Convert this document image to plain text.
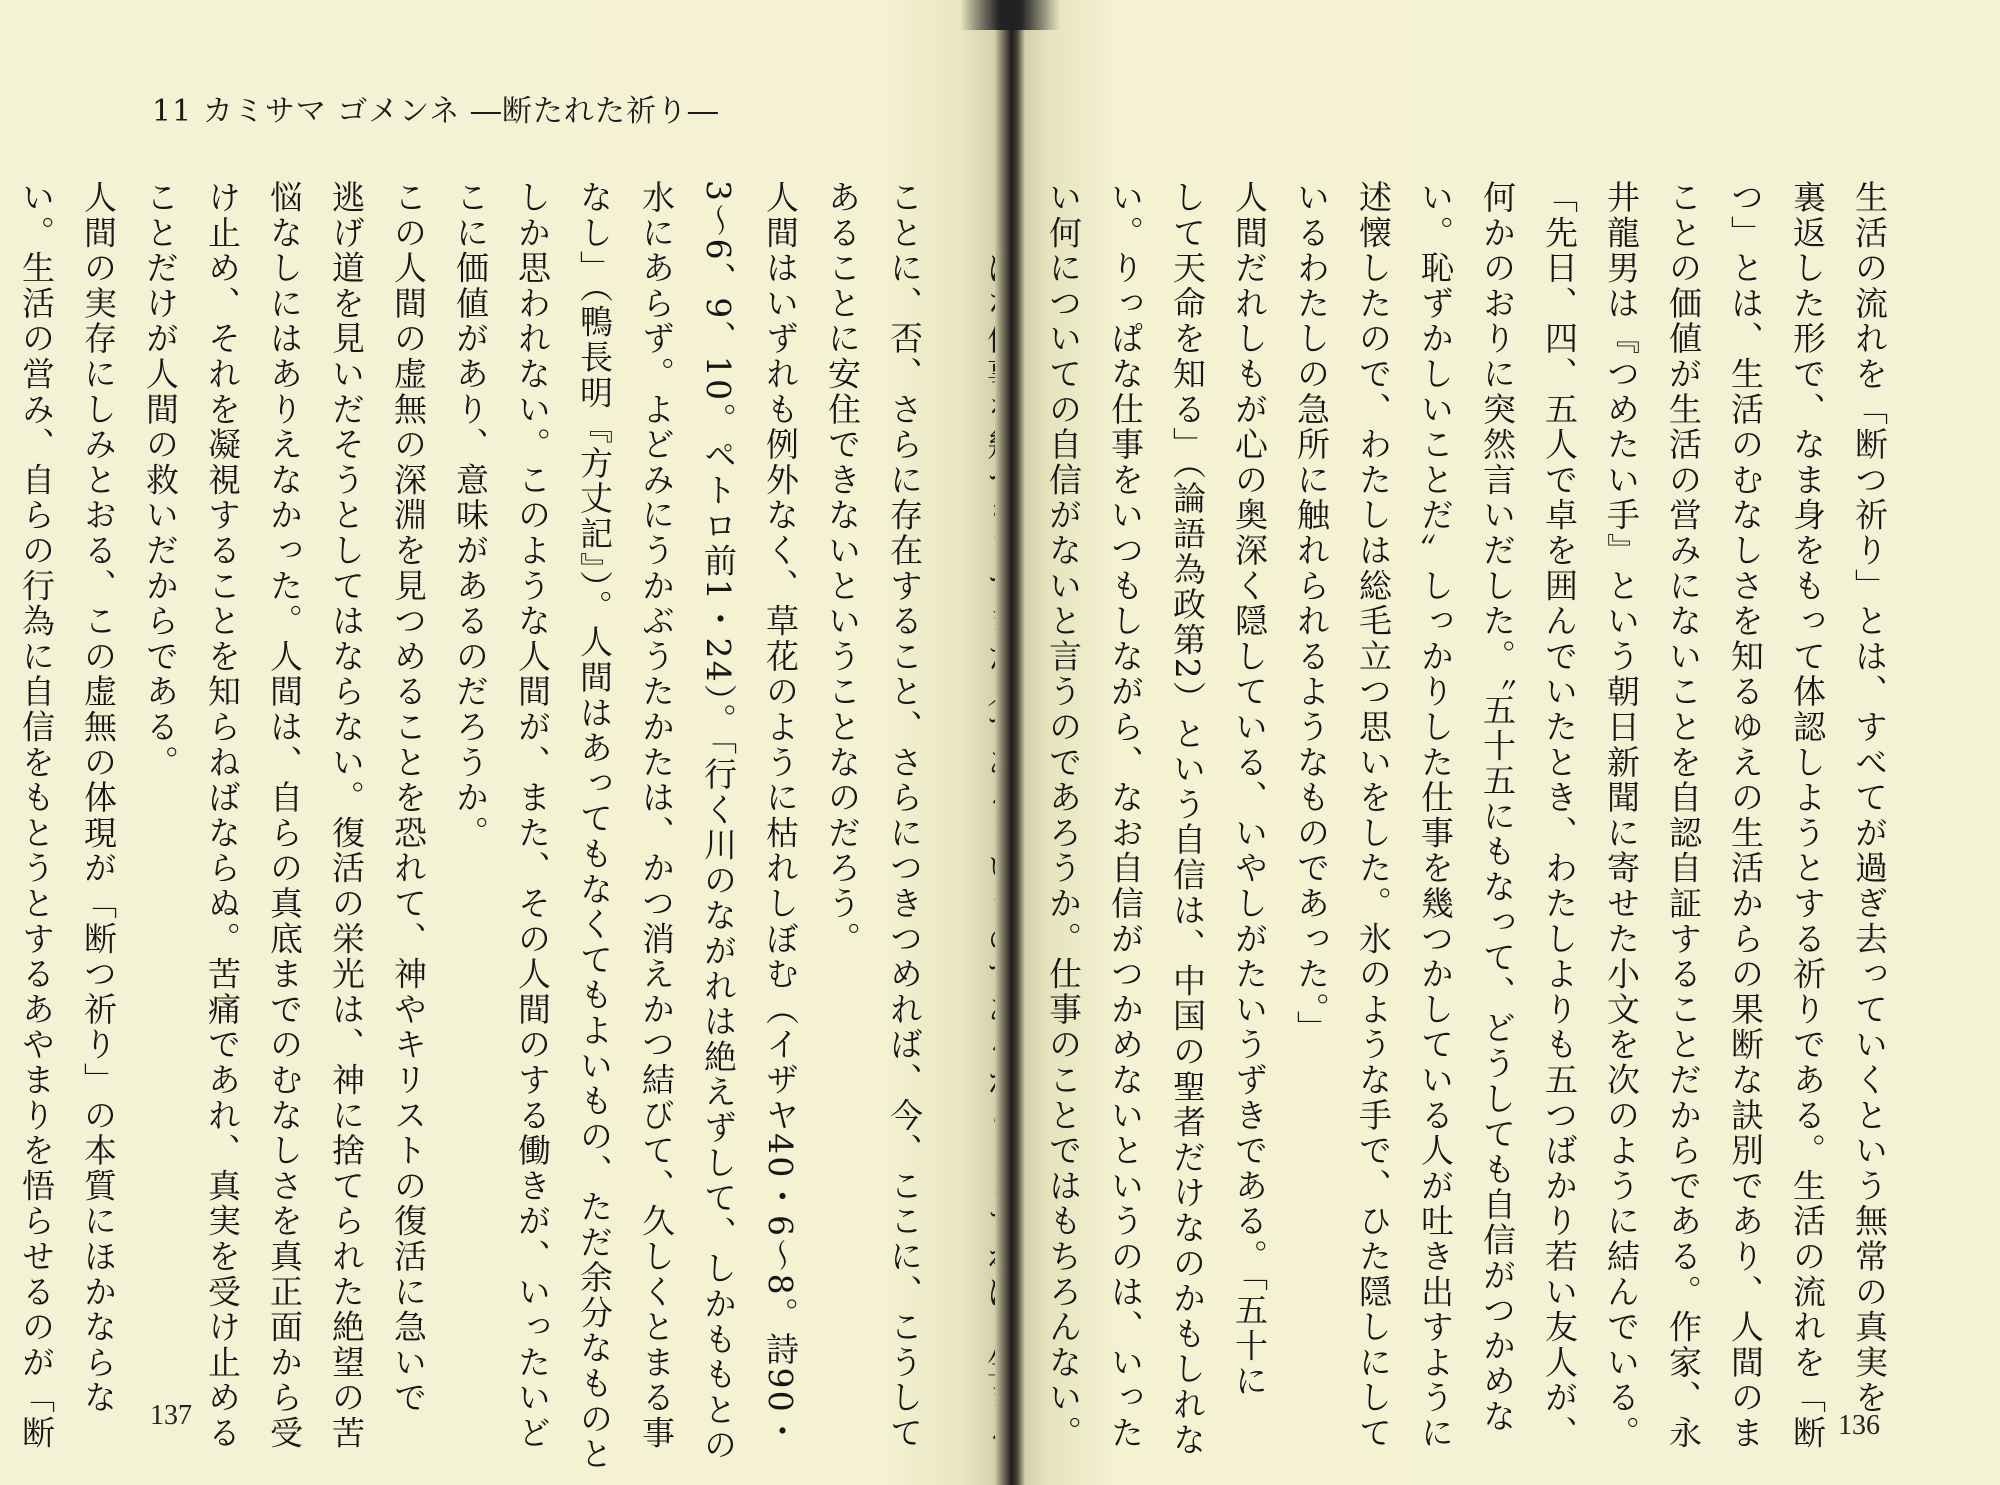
11 カミサマ ゴメンネ ―断たれた祈り―
ことに、否、さらに存在すること、さらにつきつめれば、今、ここに、こうして
あることに安住できないということなのだろう。
人間はいずれも例外なく、草花のように枯れしぼむ（イザヤ40・6〜8。詩90・
3〜6、9、10。ペトロ前1・24）。「行く川のながれは絶えずして、しかももとの
水にあらず。よどみにうかぶうたかたは、かつ消えかつ結びて、久しくとまる事
なし」（鴨長明『方丈記』）。人間はあってもなくてもよいもの、ただ余分なものと
しか思われない。このような人間が、また、その人間のする働きが、いったいど
こに価値があり、意味があるのだろうか。
この人間の虚無の深淵を見つめることを恐れて、神やキリストの復活に急いで
逃げ道を見いだそうとしてはならない。復活の栄光は、神に捨てられた絶望の苦
悩なしにはありえなかった。人間は、自らの真底までのむなしさを真正面から受
け止め、それを凝視することを知らねばならぬ。苦痛であれ、真実を受け止める
ことだけが人間の救いだからである。
人間の実存にしみとおる、この虚無の体現が「断つ祈り」の本質にほかならな
い。生活の営み、自らの行為に自信をもとうとするあやまりを悟らせるのが「断	137	136
生活の流れを「断つ祈り」とは、すべてが過ぎ去っていくという無常の真実を
裏返した形で、なま身をもって体認しようとする祈りである。生活の流れを「断
つ」とは、生活のむなしさを知るゆえの生活からの果断な訣別であり、人間のま
ことの価値が生活の営みにないことを自認自証することだからである。作家、永
井龍男は『つめたい手』という朝日新聞に寄せた小文を次のように結んでいる。
「先日、四、五人で卓を囲んでいたとき、わたしよりも五つばかり若い友人が、
何かのおりに突然言いだした。〝五十五にもなって、どうしても自信がつかめな
い。恥ずかしいことだ〟しっかりした仕事を幾つかしている人が吐き出すように
述懐したので、わたしは総毛立つ思いをした。氷のような手で、ひた隠しにして
いるわたしの急所に触れられるようなものであった。」
人間だれしもが心の奥深く隠している、いやしがたいうずきである。「五十に
して天命を知る」（論語為政第2）という自信は、中国の聖者だけなのかもしれな
い。りっぱな仕事をいつもしながら、なお自信がつかめないというのは、いった
い何についての自信がないと言うのであろうか。仕事のことではもちろんない。
